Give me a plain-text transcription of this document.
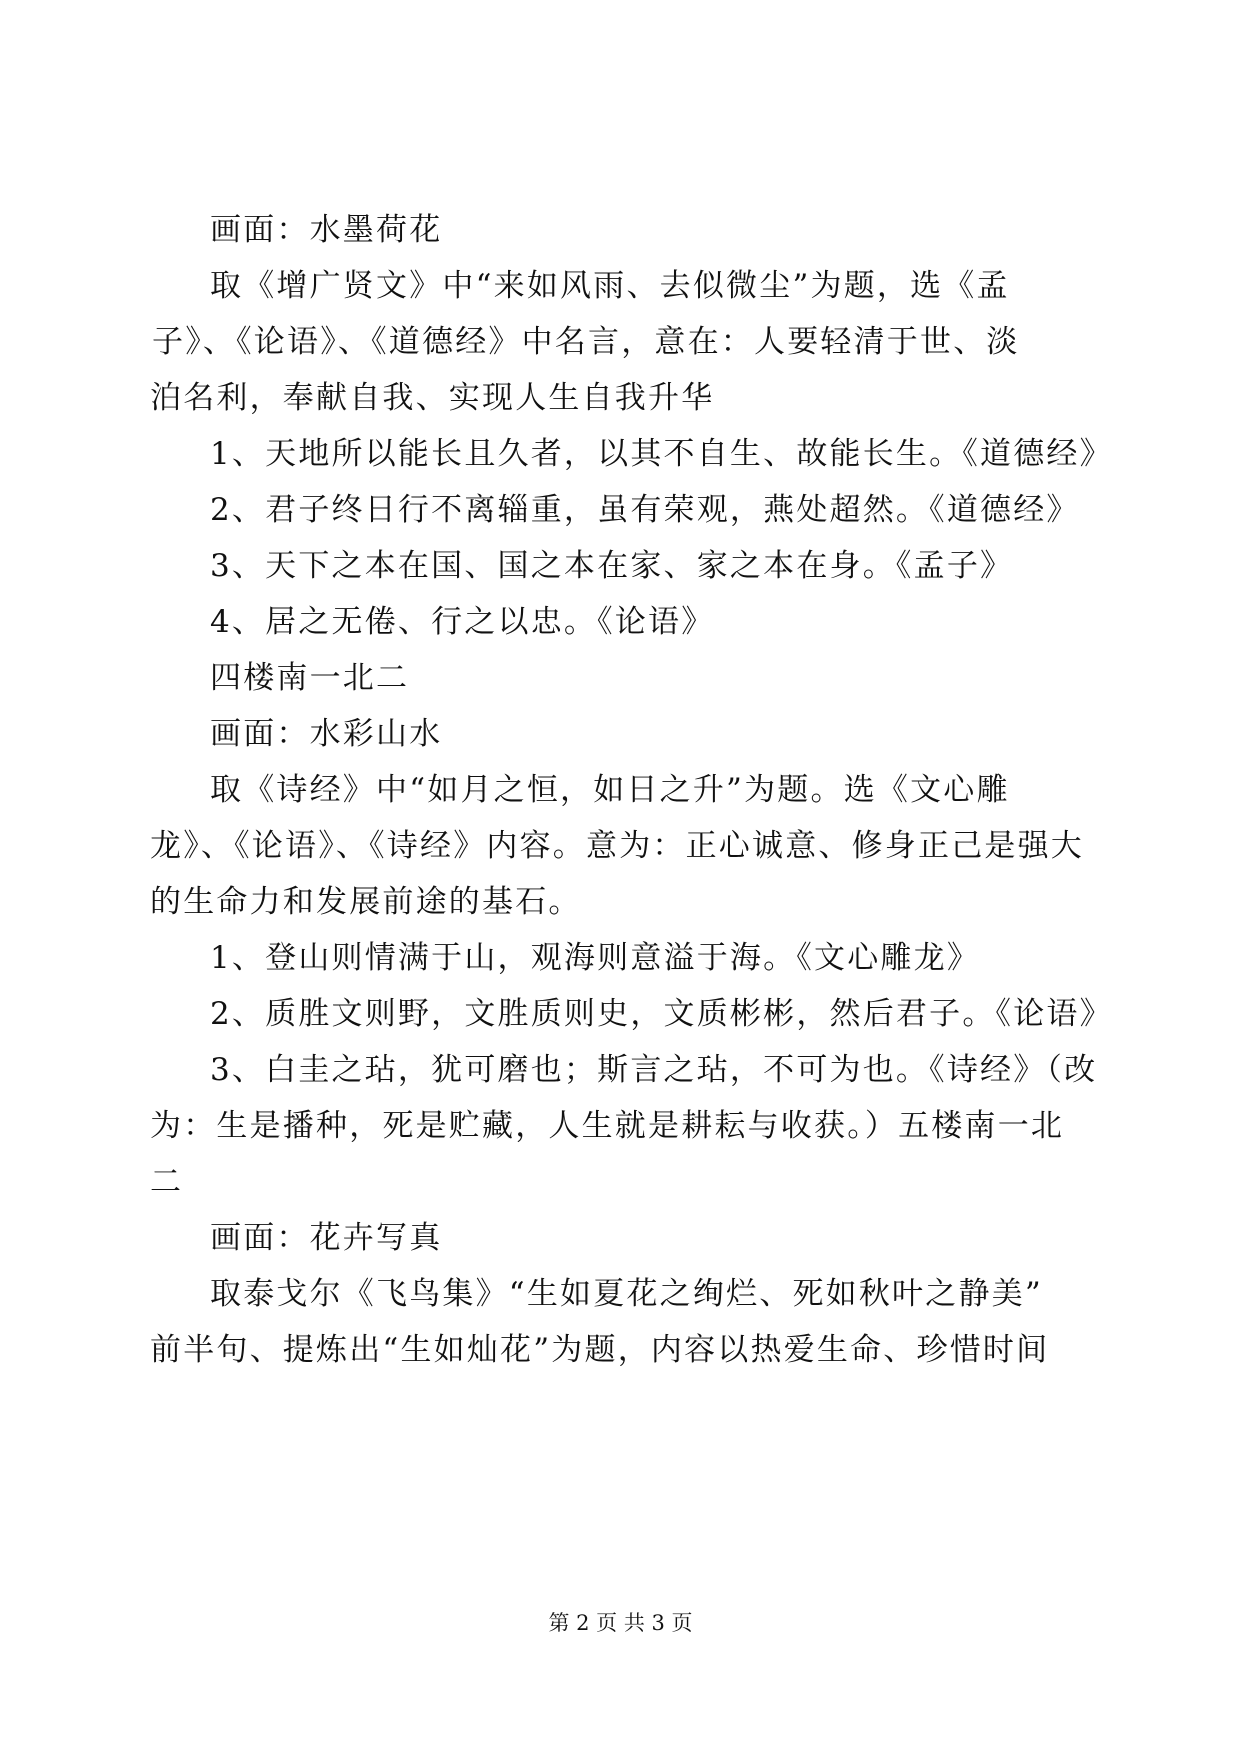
画面：水墨荷花
取《增广贤文》中“来如风雨、去似微尘”为题，选《孟
子》、《论语》、《道德经》中名言，意在：人要轻清于世、淡
泊名利，奉献自我、实现人生自我升华
1、天地所以能长且久者，以其不自生、故能长生。《道德经》
2、君子终日行不离辎重，虽有荣观，燕处超然。《道德经》
3、天下之本在国、国之本在家、家之本在身。《孟子》
4、居之无倦、行之以忠。《论语》
四楼南一北二
画面：水彩山水
取《诗经》中“如月之恒，如日之升”为题。选《文心雕
龙》、《论语》、《诗经》内容。意为：正心诚意、修身正己是强大
的生命力和发展前途的基石。
1、登山则情满于山，观海则意溢于海。《文心雕龙》
2、质胜文则野，文胜质则史，文质彬彬，然后君子。《论语》
3、白圭之玷，犹可磨也；斯言之玷，不可为也。《诗经》（改
为：生是播种，死是贮藏，人生就是耕耘与收获。）五楼南一北
二
画面：花卉写真
取泰戈尔《飞鸟集》“生如夏花之绚烂、死如秋叶之静美”
前半句、提炼出“生如灿花”为题，内容以热爱生命、珍惜时间
第 2 页 共 3 页
